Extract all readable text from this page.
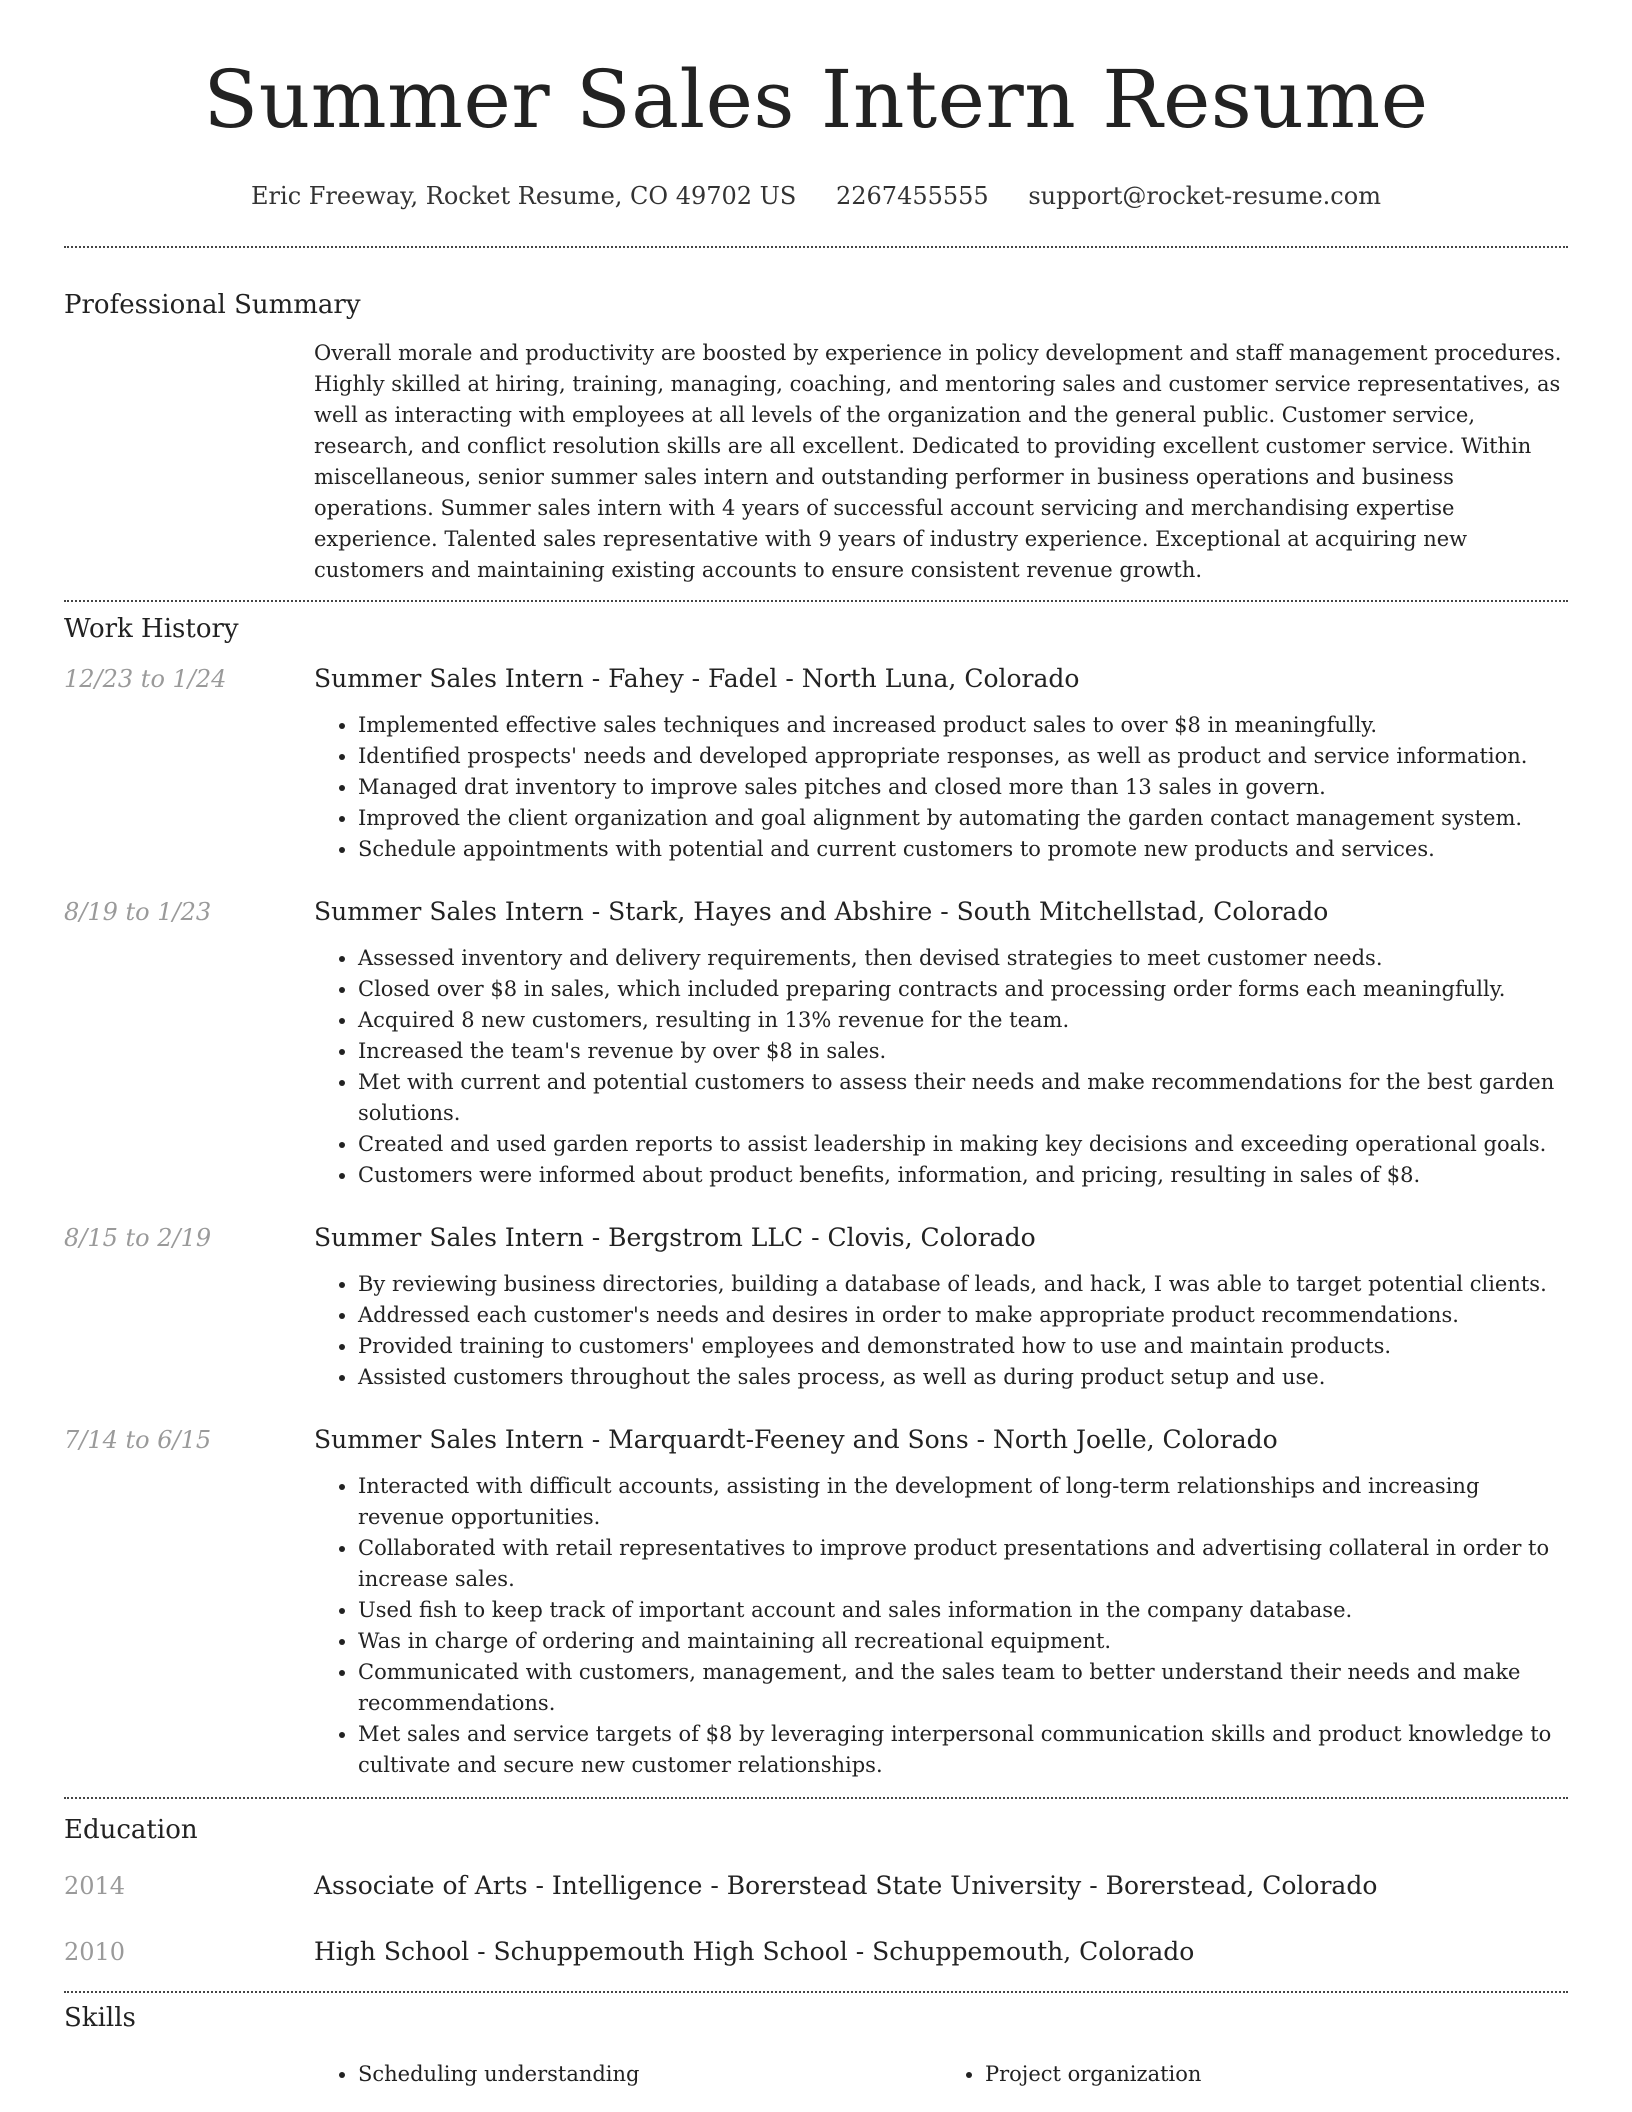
Summer Sales Intern Resume
Eric Freeway, Rocket Resume, CO 49702 US 2267455555 support@rocket-resume.com
Professional Summary
Overall morale and productivity are boosted by experience in policy development and staff management procedures. Highly skilled at hiring, training, managing, coaching, and mentoring sales and customer service representatives, as well as interacting with employees at all levels of the organization and the general public. Customer service, research, and conflict resolution skills are all excellent. Dedicated to providing excellent customer service. Within miscellaneous, senior summer sales intern and outstanding performer in business operations and business operations. Summer sales intern with 4 years of successful account servicing and merchandising expertise experience. Talented sales representative with 9 years of industry experience. Exceptional at acquiring new customers and maintaining existing accounts to ensure consistent revenue growth.
Work History
12/23 to 1/24	Summer Sales Intern - Fahey - Fadel - North Luna, Colorado
• Implemented effective sales techniques and increased product sales to over $8 in meaningfully.
• Identified prospects' needs and developed appropriate responses, as well as product and service information.
• Managed drat inventory to improve sales pitches and closed more than 13 sales in govern.
• Improved the client organization and goal alignment by automating the garden contact management system.
• Schedule appointments with potential and current customers to promote new products and services.
8/19 to 1/23	Summer Sales Intern - Stark, Hayes and Abshire - South Mitchellstad, Colorado
• Assessed inventory and delivery requirements, then devised strategies to meet customer needs.
• Closed over $8 in sales, which included preparing contracts and processing order forms each meaningfully.
• Acquired 8 new customers, resulting in 13% revenue for the team.
• Increased the team's revenue by over $8 in sales.
• Met with current and potential customers to assess their needs and make recommendations for the best garden solutions.
• Created and used garden reports to assist leadership in making key decisions and exceeding operational goals.
• Customers were informed about product benefits, information, and pricing, resulting in sales of $8.
8/15 to 2/19	Summer Sales Intern - Bergstrom LLC - Clovis, Colorado
• By reviewing business directories, building a database of leads, and hack, I was able to target potential clients.
• Addressed each customer's needs and desires in order to make appropriate product recommendations.
• Provided training to customers' employees and demonstrated how to use and maintain products.
• Assisted customers throughout the sales process, as well as during product setup and use.
7/14 to 6/15	Summer Sales Intern - Marquardt-Feeney and Sons - North Joelle, Colorado
• Interacted with difficult accounts, assisting in the development of long-term relationships and increasing revenue opportunities.
• Collaborated with retail representatives to improve product presentations and advertising collateral in order to increase sales.
• Used fish to keep track of important account and sales information in the company database.
• Was in charge of ordering and maintaining all recreational equipment.
• Communicated with customers, management, and the sales team to better understand their needs and make recommendations.
• Met sales and service targets of $8 by leveraging interpersonal communication skills and product knowledge to cultivate and secure new customer relationships.
Education
2014	Associate of Arts - Intelligence - Borerstead State University - Borerstead, Colorado
2010	High School - Schuppemouth High School - Schuppemouth, Colorado
Skills
• Scheduling understanding
•	Project organization
